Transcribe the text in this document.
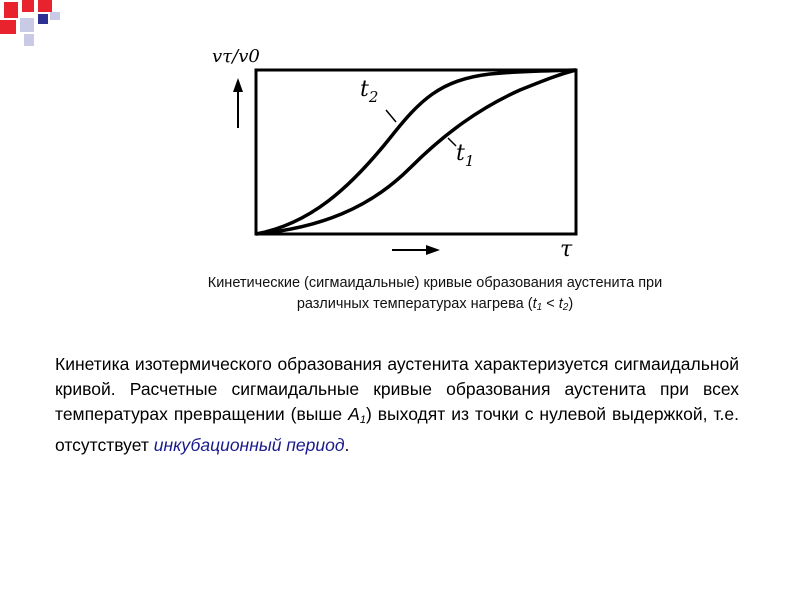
vτ/v0
τ
$t_2$
$t_1$
Кинетические (сигмаидальные) кривые образования аустенита при
различных температурах нагрева $(t_1 < t_2)$
Кинетика изотермического образования аустенита характеризуется сигмаидальной кривой. Расчетные сигмаидальные кривые образования аустенита при всех температурах превращении (выше $А_1$) выходят из точки с нулевой выдержкой, т.е. отсутствует инкубационный период.
